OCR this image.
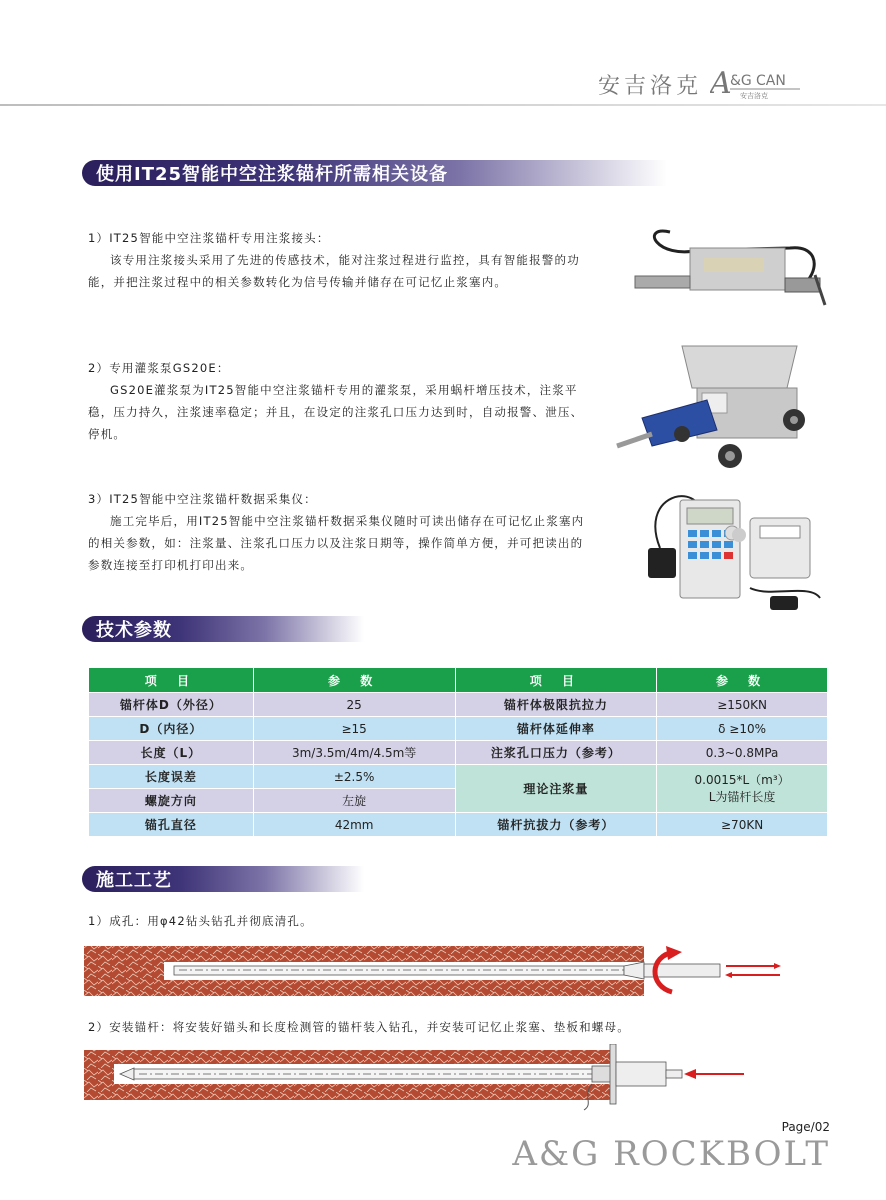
安吉洛克 A
&G CAN
安吉洛克
使用IT25智能中空注浆锚杆所需相关设备
1）IT25智能中空注浆锚杆专用注浆接头：
该专用注浆接头采用了先进的传感技术，能对注浆过程进行监控，具有智能报警的功能，并把注浆过程中的相关参数转化为信号传输并储存在可记忆止浆塞内。
2）专用灌浆泵GS20E：
GS20E灌浆泵为IT25智能中空注浆锚杆专用的灌浆泵，采用蜗杆增压技术，注浆平稳，压力持久，注浆速率稳定；并且，在设定的注浆孔口压力达到时，自动报警、泄压、停机。
3）IT25智能中空注浆锚杆数据采集仪：
施工完毕后，用IT25智能中空注浆锚杆数据采集仪随时可读出储存在可记忆止浆塞内的相关参数，如：注浆量、注浆孔口压力以及注浆日期等，操作简单方便，并可把读出的参数连接至打印机打印出来。
技术参数
项 目	参 数	项 目	参 数
锚杆体D（外径）	25	锚杆体极限抗拉力	≥150KN
D（内径）	≥15	锚杆体延伸率	δ ≥10%
长度（L）	3m/3.5m/4m/4.5m等	注浆孔口压力（参考）	0.3~0.8MPa
长度误差	±2.5%	理论注浆量	0.0015*L（m³）
L为锚杆长度

螺旋方向	左旋		
锚孔直径	42mm	锚杆抗拔力（参考）	≥70KN
施工工艺
1）成孔：用φ42钻头钻孔并彻底清孔。
2）安装锚杆：将安装好锚头和长度检测管的锚杆装入钻孔，并安装可记忆止浆塞、垫板和螺母。
Page/02
A&G ROCKBOLT
